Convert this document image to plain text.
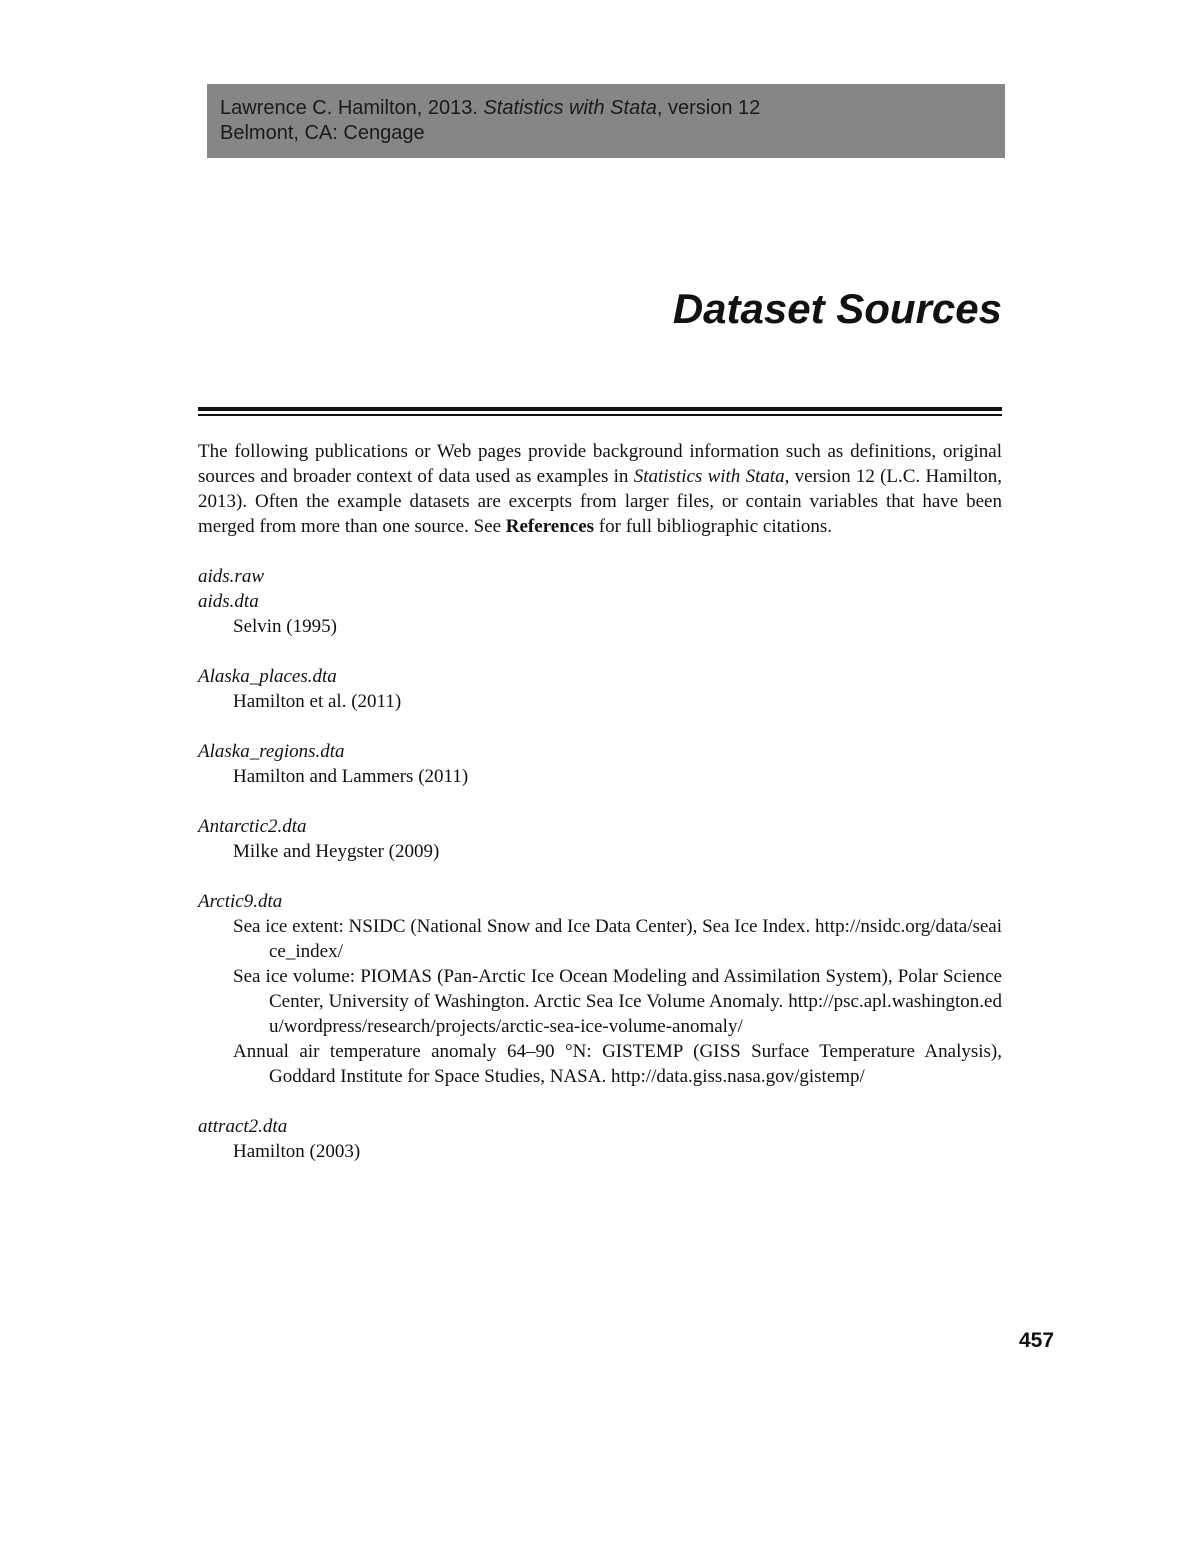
Lawrence C. Hamilton, 2013. Statistics with Stata, version 12
Belmont, CA: Cengage
Dataset Sources

The following publications or Web pages provide background information such as definitions, original sources and broader context of data used as examples in Statistics with Stata, version 12 (L.C. Hamilton, 2013). Often the example datasets are excerpts from larger files, or contain variables that have been merged from more than one source. See References for full bibliographic citations.

aids.raw
aids.dta
Selvin (1995)
Alaska_places.dta
Hamilton et al. (2011)
Alaska_regions.dta
Hamilton and Lammers (2011)
Antarctic2.dta
Milke and Heygster (2009)
Arctic9.dta
Sea ice extent: NSIDC (National Snow and Ice Data Center), Sea Ice Index. http://nsidc.org/data/seaice_index/
Sea ice volume: PIOMAS (Pan-Arctic Ice Ocean Modeling and Assimilation System), Polar Science Center, University of Washington. Arctic Sea Ice Volume Anomaly. http://psc.apl.washington.edu/wordpress/research/projects/arctic-sea-ice-volume-anomaly/
Annual air temperature anomaly 64–90 °N: GISTEMP (GISS Surface Temperature Analysis), Goddard Institute for Space Studies, NASA. http://data.giss.nasa.gov/gistemp/
attract2.dta
Hamilton (2003)
457
